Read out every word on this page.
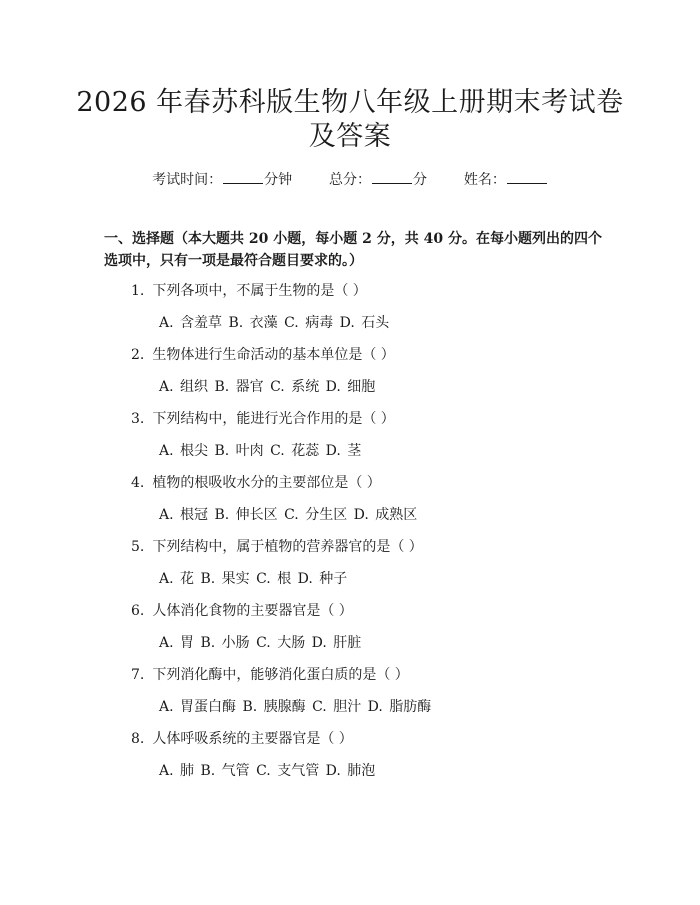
2026 年春苏科版生物八年级上册期末考试卷
及答案
考试时间：	分钟	总分：	分	姓名：
一、选择题（本大题共 20 小题，每小题 2 分，共 40 分。在每小题列出的四个选项中，只有一项是最符合题目要求的。）
1. 下列各项中，不属于生物的是（ ）
A. 含羞草 B. 衣藻 C. 病毒 D. 石头
2. 生物体进行生命活动的基本单位是（ ）
A. 组织 B. 器官 C. 系统 D. 细胞
3. 下列结构中，能进行光合作用的是（ ）
A. 根尖 B. 叶肉 C. 花蕊 D. 茎
4. 植物的根吸收水分的主要部位是（ ）
A. 根冠 B. 伸长区 C. 分生区 D. 成熟区
5. 下列结构中，属于植物的营养器官的是（ ）
A. 花 B. 果实 C. 根 D. 种子
6. 人体消化食物的主要器官是（ ）
A. 胃 B. 小肠 C. 大肠 D. 肝脏
7. 下列消化酶中，能够消化蛋白质的是（ ）
A. 胃蛋白酶 B. 胰腺酶 C. 胆汁 D. 脂肪酶
8. 人体呼吸系统的主要器官是（ ）
A. 肺 B. 气管 C. 支气管 D. 肺泡
